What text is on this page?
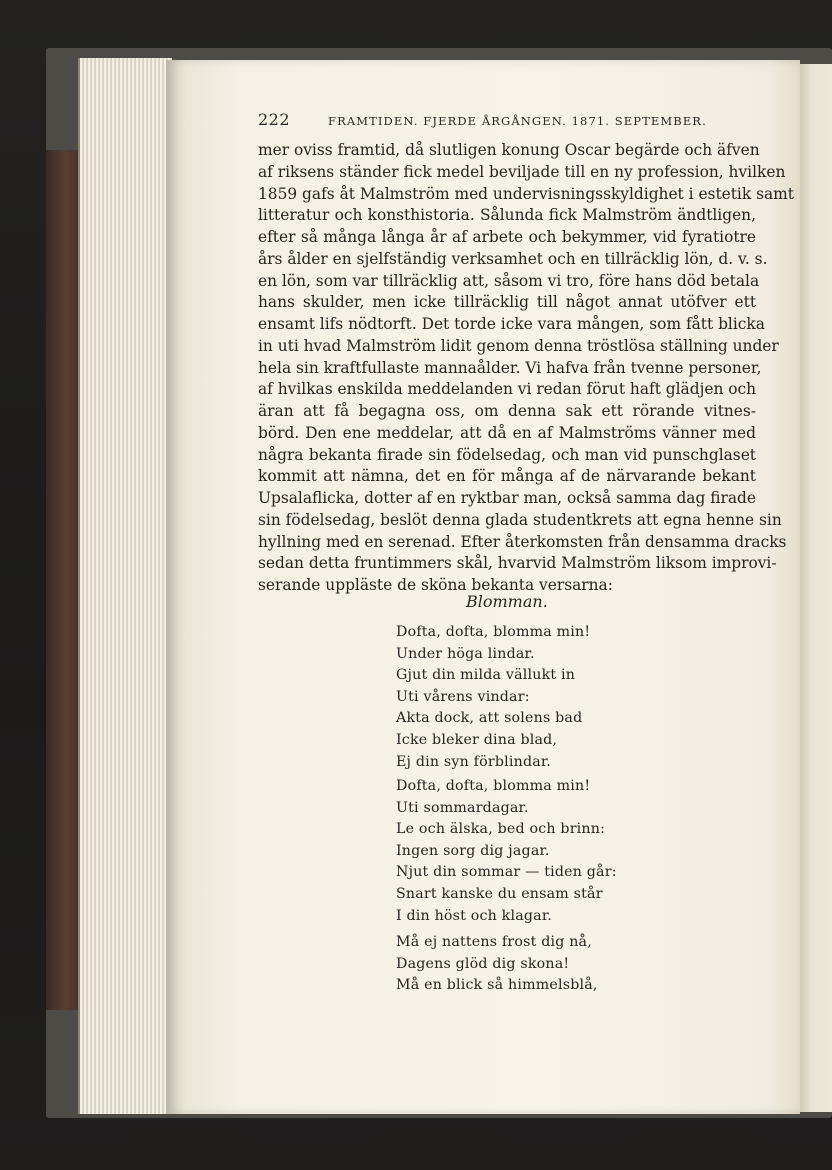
222	FRAMTIDEN. FJERDE ÅRGÅNGEN. 1871. SEPTEMBER.
mer oviss framtid, då slutligen konung Oscar begärde och äfven
af riksens ständer fick medel beviljade till en ny profession, hvilken
1859 gafs åt Malmström med undervisningsskyldighet i estetik samt
litteratur och konsthistoria. Sålunda fick Malmström ändtligen,
efter så många långa år af arbete och bekymmer, vid fyratiotre
års ålder en sjelfständig verksamhet och en tillräcklig lön, d. v. s.
en lön, som var tillräcklig att, såsom vi tro, före hans död betala
hans skulder, men icke tillräcklig till något annat utöfver ett
ensamt lifs nödtorft. Det torde icke vara mången, som fått blicka
in uti hvad Malmström lidit genom denna tröstlösa ställning under
hela sin kraftfullaste mannaålder. Vi hafva från tvenne personer,
af hvilkas enskilda meddelanden vi redan förut haft glädjen och
äran att få begagna oss, om denna sak ett rörande vitnes-
börd. Den ene meddelar, att då en af Malmströms vänner med
några bekanta firade sin födelsedag, och man vid punschglaset
kommit att nämna, det en för många af de närvarande bekant
Upsalaflicka, dotter af en ryktbar man, också samma dag firade
sin födelsedag, beslöt denna glada studentkrets att egna henne sin
hyllning med en serenad. Efter återkomsten från densamma dracks
sedan detta fruntimmers skål, hvarvid Malmström liksom improvi-
serande uppläste de sköna bekanta versarna:
Blomman.
Dofta, dofta, blomma min!
Under höga lindar.
Gjut din milda vällukt in
Uti vårens vindar:
Akta dock, att solens bad
Icke bleker dina blad,
Ej din syn förblindar.
Dofta, dofta, blomma min!
Uti sommardagar.
Le och älska, bed och brinn:
Ingen sorg dig jagar.
Njut din sommar — tiden går:
Snart kanske du ensam står
I din höst och klagar.
Må ej nattens frost dig nå,
Dagens glöd dig skona!
Må en blick så himmelsblå,
